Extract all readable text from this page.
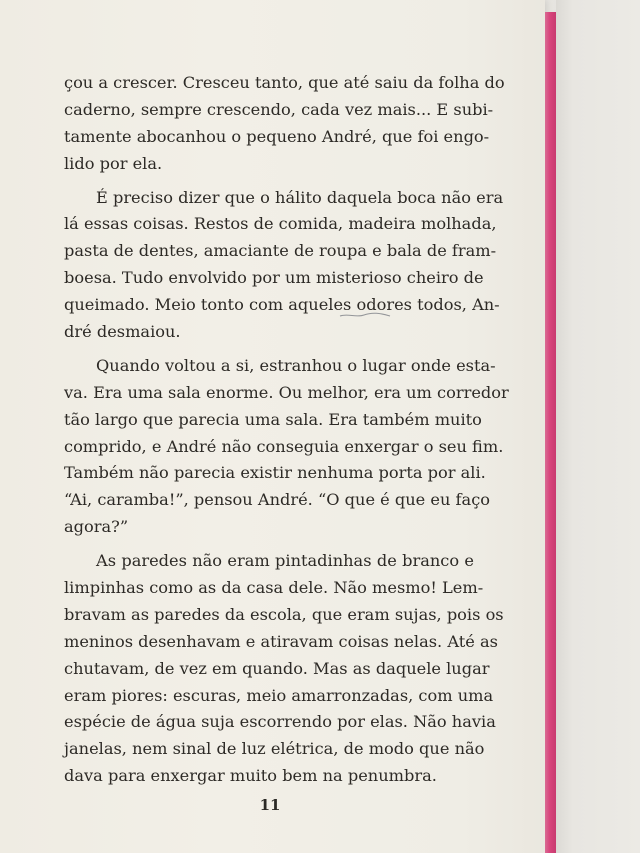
çou a crescer. Cresceu tanto, que até saiu da folha do
caderno, sempre crescendo, cada vez mais... E subi-
tamente abocanhou o pequeno André, que foi engo-
lido por ela.
É preciso dizer que o hálito daquela boca não era
lá essas coisas. Restos de comida, madeira molhada,
pasta de dentes, amaciante de roupa e bala de fram-
boesa. Tudo envolvido por um misterioso cheiro de
queimado. Meio tonto com aqueles odores todos, An-
dré desmaiou.
Quando voltou a si, estranhou o lugar onde esta-
va. Era uma sala enorme. Ou melhor, era um corredor
tão largo que parecia uma sala. Era também muito
comprido, e André não conseguia enxergar o seu fim.
Também não parecia existir nenhuma porta por ali.
“Ai, caramba!”, pensou André. “O que é que eu faço
agora?”
As paredes não eram pintadinhas de branco e
limpinhas como as da casa dele. Não mesmo! Lem-
bravam as paredes da escola, que eram sujas, pois os
meninos desenhavam e atiravam coisas nelas. Até as
chutavam, de vez em quando. Mas as daquele lugar
eram piores: escuras, meio amarronzadas, com uma
espécie de água suja escorrendo por elas. Não havia
janelas, nem sinal de luz elétrica, de modo que não
dava para enxergar muito bem na penumbra.
11
